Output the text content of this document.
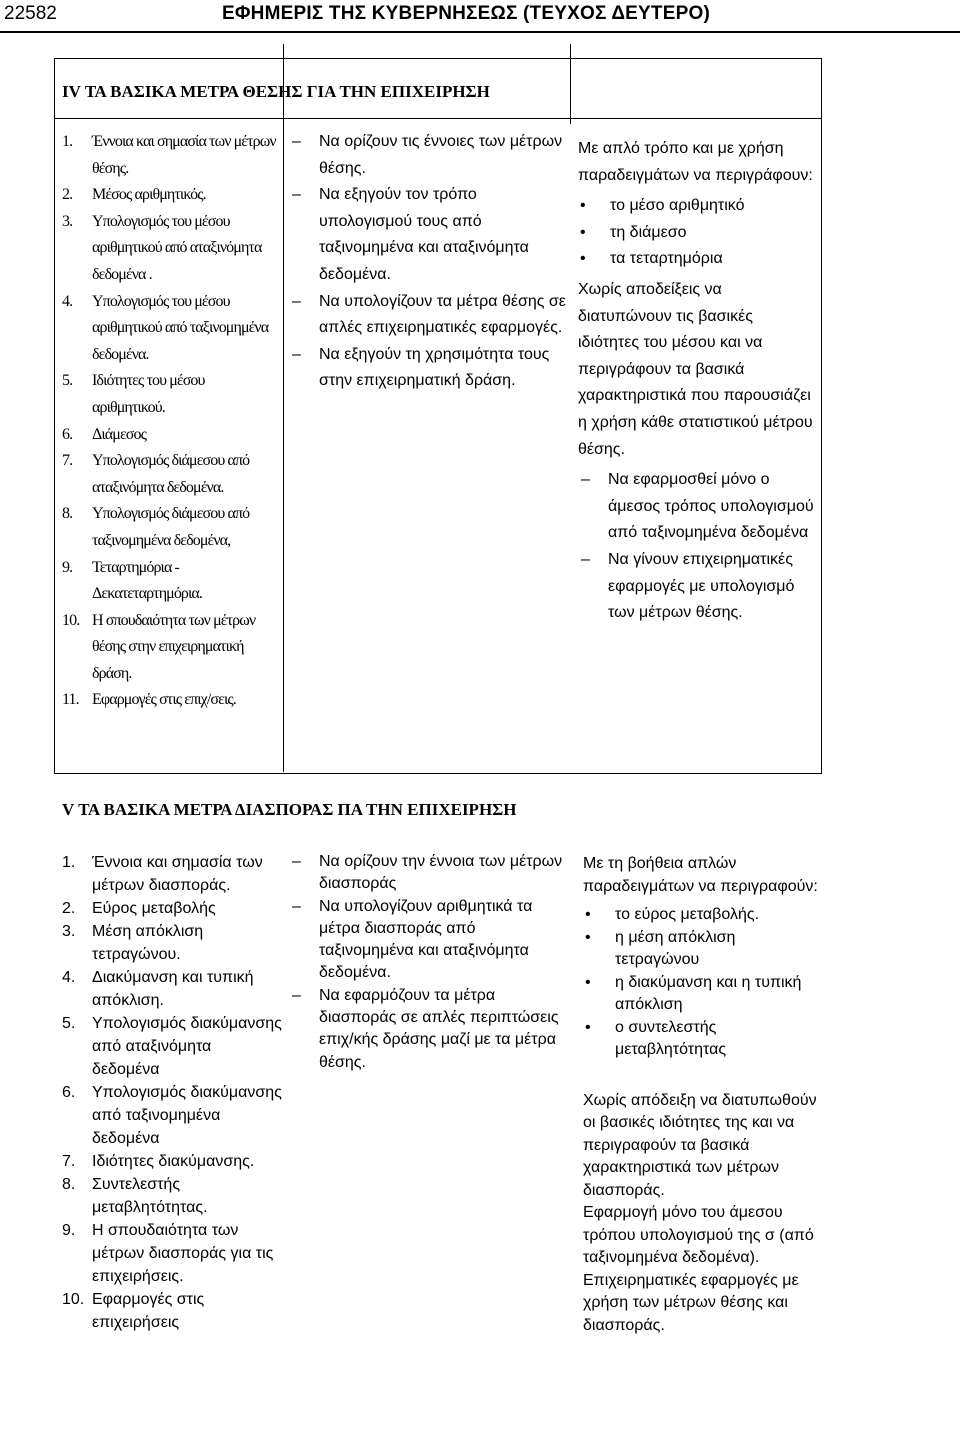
22582	ΕΦΗΜΕΡΙΣ ΤΗΣ ΚΥΒΕΡΝΗΣΕΩΣ (ΤΕΥΧΟΣ ΔΕΥΤΕΡΟ)
IV ΤΑ ΒΑΣΙΚΑ ΜΕΤΡΑ ΘΕΣΗΣ ΓΙΑ ΤΗΝ ΕΠΙΧΕΙΡΗΣΗ
1. Έννοια και σημασία των μέτρων θέσης.
2. Μέσος αριθμητικός.
3. Υπολογισμός του μέσου αριθμητικού από αταξινόμητα δεδομένα .
4. Υπολογισμός του μέσου αριθμητικού από ταξινομημένα δεδομένα.
5. Ιδιότητες του μέσου αριθμητικού.
6. Διάμεσος
7. Υπολογισμός διάμεσου από αταξινόμητα δεδομένα.
8. Υπολογισμός διάμεσου από ταξινομημένα δεδομένα,
9. Τεταρτημόρια - Δεκατεταρτημόρια.
10. Η σπουδαιότητα των μέτρων θέσης στην επιχειρηματική δράση.
11. Εφαρμογές στις επιχ/σεις.
– Να ορίζουν τις έννοιες των μέτρων θέσης.
– Να εξηγούν τον τρόπο υπολογισμού τους από ταξινομημένα και αταξινόμητα δεδομένα.
– Να υπολογίζουν τα μέτρα θέσης σε απλές επιχειρηματικές εφαρμογές.
– Να εξηγούν τη χρησιμότητα τους στην επιχειρηματική δράση.

Με απλό τρόπο και με χρήση παραδειγμάτων να περιγράφουν:

• το μέσο αριθμητικό
• τη διάμεσο
• τα τεταρτημόρια

Χωρίς αποδείξεις να διατυπώνουν τις βασικές ιδιότητες του μέσου και να περιγράφουν τα βασικά χαρακτηριστικά που παρουσιάζει η χρήση κάθε στατιστικού μέτρου θέσης.

– Να εφαρμοσθεί μόνο ο άμεσος τρόπος υπολογισμού από ταξινομημένα δεδομένα
– Να γίνουν επιχειρηματικές εφαρμογές με υπολογισμό των μέτρων θέσης.
V ΤΑ ΒΑΣΙΚΑ ΜΕΤΡΑ ΔΙΑΣΠΟΡΑΣ ΠΑ ΤΗΝ ΕΠΙΧΕΙΡΗΣΗ
1. Έννοια και σημασία των μέτρων διασποράς.
2. Εύρος μεταβολής
3. Μέση απόκλιση τετραγώνου.
4. Διακύμανση και τυπική απόκλιση.
5. Υπολογισμός διακύμανσης από αταξινόμητα δεδομένα
6. Υπολογισμός διακύμανσης από ταξινομημένα δεδομένα
7. Ιδιότητες διακύμανσης.
8. Συντελεστής μεταβλητότητας.
9. Η σπουδαιότητα των μέτρων διασποράς για τις επιχειρήσεις.
10. Εφαρμογές στις επιχειρήσεις
– Να ορίζουν την έννοια των μέτρων διασποράς
– Να υπολογίζουν αριθμητικά τα μέτρα διασποράς από ταξινομημένα και αταξινόμητα δεδομένα.
– Να εφαρμόζουν τα μέτρα διασποράς σε απλές περιπτώσεις επιχ/κής δράσης μαζί με τα μέτρα θέσης.

Με τη βοήθεια απλών παραδειγμάτων να περιγραφούν:

• το εύρος μεταβολής.
• η μέση απόκλιση τετραγώνου
• η διακύμανση και η τυπική απόκλιση
• ο συντελεστής μεταβλητότητας

Χωρίς απόδειξη να διατυπωθούν οι βασικές ιδιότητες της και να περιγραφούν τα βασικά χαρακτηριστικά των μέτρων διασποράς.

Εφαρμογή μόνο του άμεσου τρόπου υπολογισμού της σ (από ταξινομημένα δεδομένα). Επιχειρηματικές εφαρμογές με χρήση των μέτρων θέσης και διασποράς.
